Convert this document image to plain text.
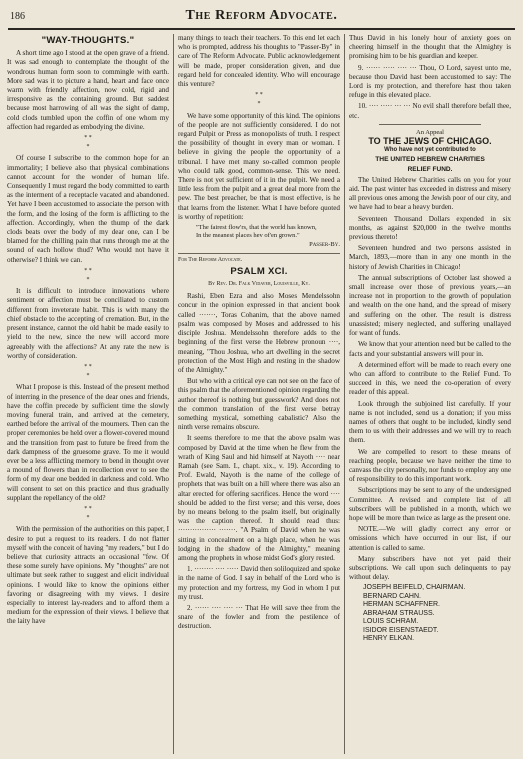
186	The Reform Advocate.
"WAY-THOUGHTS."

A short time ago I stood at the open grave of a friend. It was sad enough to contemplate the thought of the wondrous human form soon to commingle with earth. More sad was it to picture a hand, heart and face once warm with friendly affection, now cold, rigid and irresponsive as the containing ground. But saddest because most harrowing of all was the sight of damp, cold clods tumbled upon the coffin of one whom my affection had regarded as embodying the divine.

* *
*

Of course I subscribe to the common hope for an immortality; I believe also that physical combinations cannot account for the wonder of human life. Consequently I must regard the body committed to earth as the interment of a receptacle vacated and abandoned. Yet have I been accustomed to associate the person with the form, and the losing of the form is afflicting to the affection. Accordingly, when the thump of the dark clods beats over the body of my dear one, can I be blamed for the chilling pain that runs through me at the sound of each hollow thud? Who would not have it otherwise? I think we can.

* *
*

It is difficult to introduce innovations where sentiment or affection must be conciliated to custom different from inveterate habit. This is with many the chief obstacle to the accepting of cremation. But, in the present instance, cannot the old habit be made easily to yield to the new, since the new will accord more agreeably with the affections? At any rate the new is worthy of consideration.

* *
*

What I propose is this. Instead of the present method of interring in the presence of the dear ones and friends, have the coffin precede by sufficient time the slowly moving funeral train, and arrived at the cemetery, earthed before the arrival of the mourners. Then can the proper ceremonies be held over a flower-covered mound and the transition from past to future be freed from the dark dampness of the gruesome grave. To me it would ever be a less afflicting memory to bend in thought over a mound of flowers than in recollection ever to see the form of my dear one bedded in darkness and cold. Who will consent to set on this practice and thus gradually supplant the repellancy of the old?

* *
*

With the permission of the authorities on this paper, I desire to put a request to its readers. I do not flatter myself with the conceit of having "my readers," but I do believe that curiosity attracts an occasional "few. Of these some surely have opinions. My "thoughts" are not ultimate but seek rather to suggest and elicit individual opinions. I would like to know the opinions either favoring or disagreeing with my views. I desire especially to interest lay-readers and to afford them a medium for the expression of their views. I believe that the laity have

many things to teach their teachers. To this end let each who is prompted, address his thoughts to "Passer-By" in care of The Reform Advocate. Public acknowledgement will be made, proper consideration given, and due regard held for concealed identity. Who will encourage this venture?

* *
*

We have some opportunity of this kind. The opinions of the people are not sufficiently considered. I do not regard Pulpit or Press as monopolists of truth. I respect the possibility of thought in every man or woman. I believe in giving the people the opportunity of a tribunal. I have met many so-called common people who could talk good, common-sense. This we need. There is not yet sufficient of it in the pulpit. We need a little less from the pulpit and a great deal more from the pew. The best preacher, be that is most effective, is he that learns from the listener. What I have before quoted is worthy of repetition:

"The fairest flow'rs, that the world has known,
In the meanest places hev of'en grown."
Passer-By.
For The Reform Advocate.
PSALM XCI.
By Rev. Dr. Falk Vidaver, Louisville, Ky.

Rashi, Eben Ezra and also Moses Mendelssohn concur in the opinion expressed in that ancient book called ·······, Toras Cohanim, that the above named psalm was composed by Moses and addressed to his disciple Joshua. Mendelssohn therefore adds to the beginning of the first verse the Hebrew pronoun ····, meaning, "Thou Joshua, who art dwelling in the secret protection of the Most High and resting in the shadow of the Almighty."

But who with a critical eye can not see on the face of this psalm that the aforementioned opinion regarding the author thereof is nothing but guesswork? And does not the common translation of the first verse betray something mystical, something cabalistic? Also the ninth verse remains obscure.

It seems therefore to me that the above psalm was composed by David at the time when he flew from the wrath of King Saul and hid himself at Nayoth ···· near Ramah (see Sam. I., chapt. xix., v. 19). According to Prof. Ewald, Nayoth is the name of the college of prophets that was built on a hill where there was also an altar erected for offering sacrifices. Hence the word ···· should be added to the first verse; and this verse, does by no means belong to the psalm itself, but originally was the caption thereof. It should read thus: ················ ·······. "A Psalm of David when he was sitting in concealment on a high place, when he was lodging in the shadow of the Almighty," meaning among the prophets in whose midst God's glory rested.

1. ········ ···· ····· David then soliloquized and spoke in the name of God. I say in behalf of the Lord who is my protection and my fortress, my God in whom I put my trust.

2. ······ ···· ···· ··· That He will save thee from the snare of the fowler and from the pestilence of destruction.

Thus David in his lonely hour of anxiety goes on cheering himself in the thought that the Almighty is promising him to be his guardian and keeper.

9. ······ ····· ···· ··· Thou, O Lord, sayest unto me, because thou David hast been accustomed to say: The Lord is my protection, and therefore hast thou taken refuge in this elevated place.

10. ···· ····· ··· ··· No evil shall therefore befall thee, etc.

An Appeal
TO THE JEWS OF CHICAGO.
Who have not yet contributed to
THE UNITED HEBREW CHARITIES
RELIEF FUND.

The United Hebrew Charities calls on you for your aid. The past winter has exceeded in distress and misery all previous ones among the Jewish poor of our city, and we have had to bear a heavy burden.

Seventeen Thousand Dollars expended in six months, as against $20,000 in the twelve months previous thereto!

Seventeen hundred and two persons assisted in March, 1893,—more than in any one month in the history of Jewish Charities in Chicago!

The annual subscriptions of October last showed a small increase over those of previous years,—an increase not in proportion to the growth of population and wealth on the one hand, and the spread of misery and suffering on the other. The result is distress unassisted; misery neglected, and suffering unallayed for want of funds.

We know that your attention need but be called to the facts and your substantial answers will pour in.

A determined effort will be made to reach every one who can afford to contribute to the Relief Fund. To succeed in this, we need the co-operation of every reader of this appeal.

Look through the subjoined list carefully. If your name is not included, send us a donation; if you miss names of others that ought to be included, kindly send them to us with their addresses and we will try to reach them.

We are compelled to resort to these means of reaching people, because we have neither the time to canvass the city personally, nor funds to employ any one of responsibility to do this important work.

Subscriptions may be sent to any of the undersigned Committee. A revised and complete list of all subscribers will be published in a month, which we hope will be more than twice as large as the present one.

NOTE.—We will gladly correct any error or omissions which have occurred in our list, if our attention is called to same.

Many subscribers have not yet paid their subscriptions. We call upon such delinquents to pay without delay.

JOSEPH BEIFELD, CHAIRMAN.
BERNARD CAHN.
HERMAN SCHAFFNER.
ABRAHAM STRAUSS.
LOUIS SCHRAM.
ISIDOR EISENSTAEDT.
HENRY ELKAN.
